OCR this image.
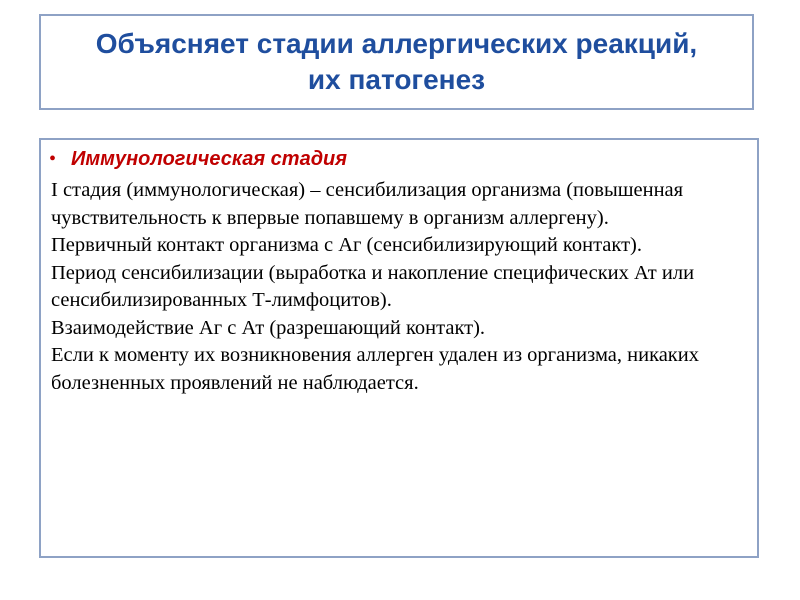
Объясняет стадии аллергических реакций,
их патогенез
• Иммунологическая стадия

I стадия (иммунологическая) – сенсибилизация организма (повышенная чувствительность к впервые попавшему в организм аллергену).

Первичный контакт организма с Аг (сенсибилизирующий контакт).

Период сенсибилизации (выработка и накопление специфических Ат или сенсибилизированных Т-лимфоцитов).

Взаимодействие Аг с Ат (разрешающий контакт).

Если к моменту их возникновения аллерген удален из организма, никаких болезненных проявлений не наблюдается.
